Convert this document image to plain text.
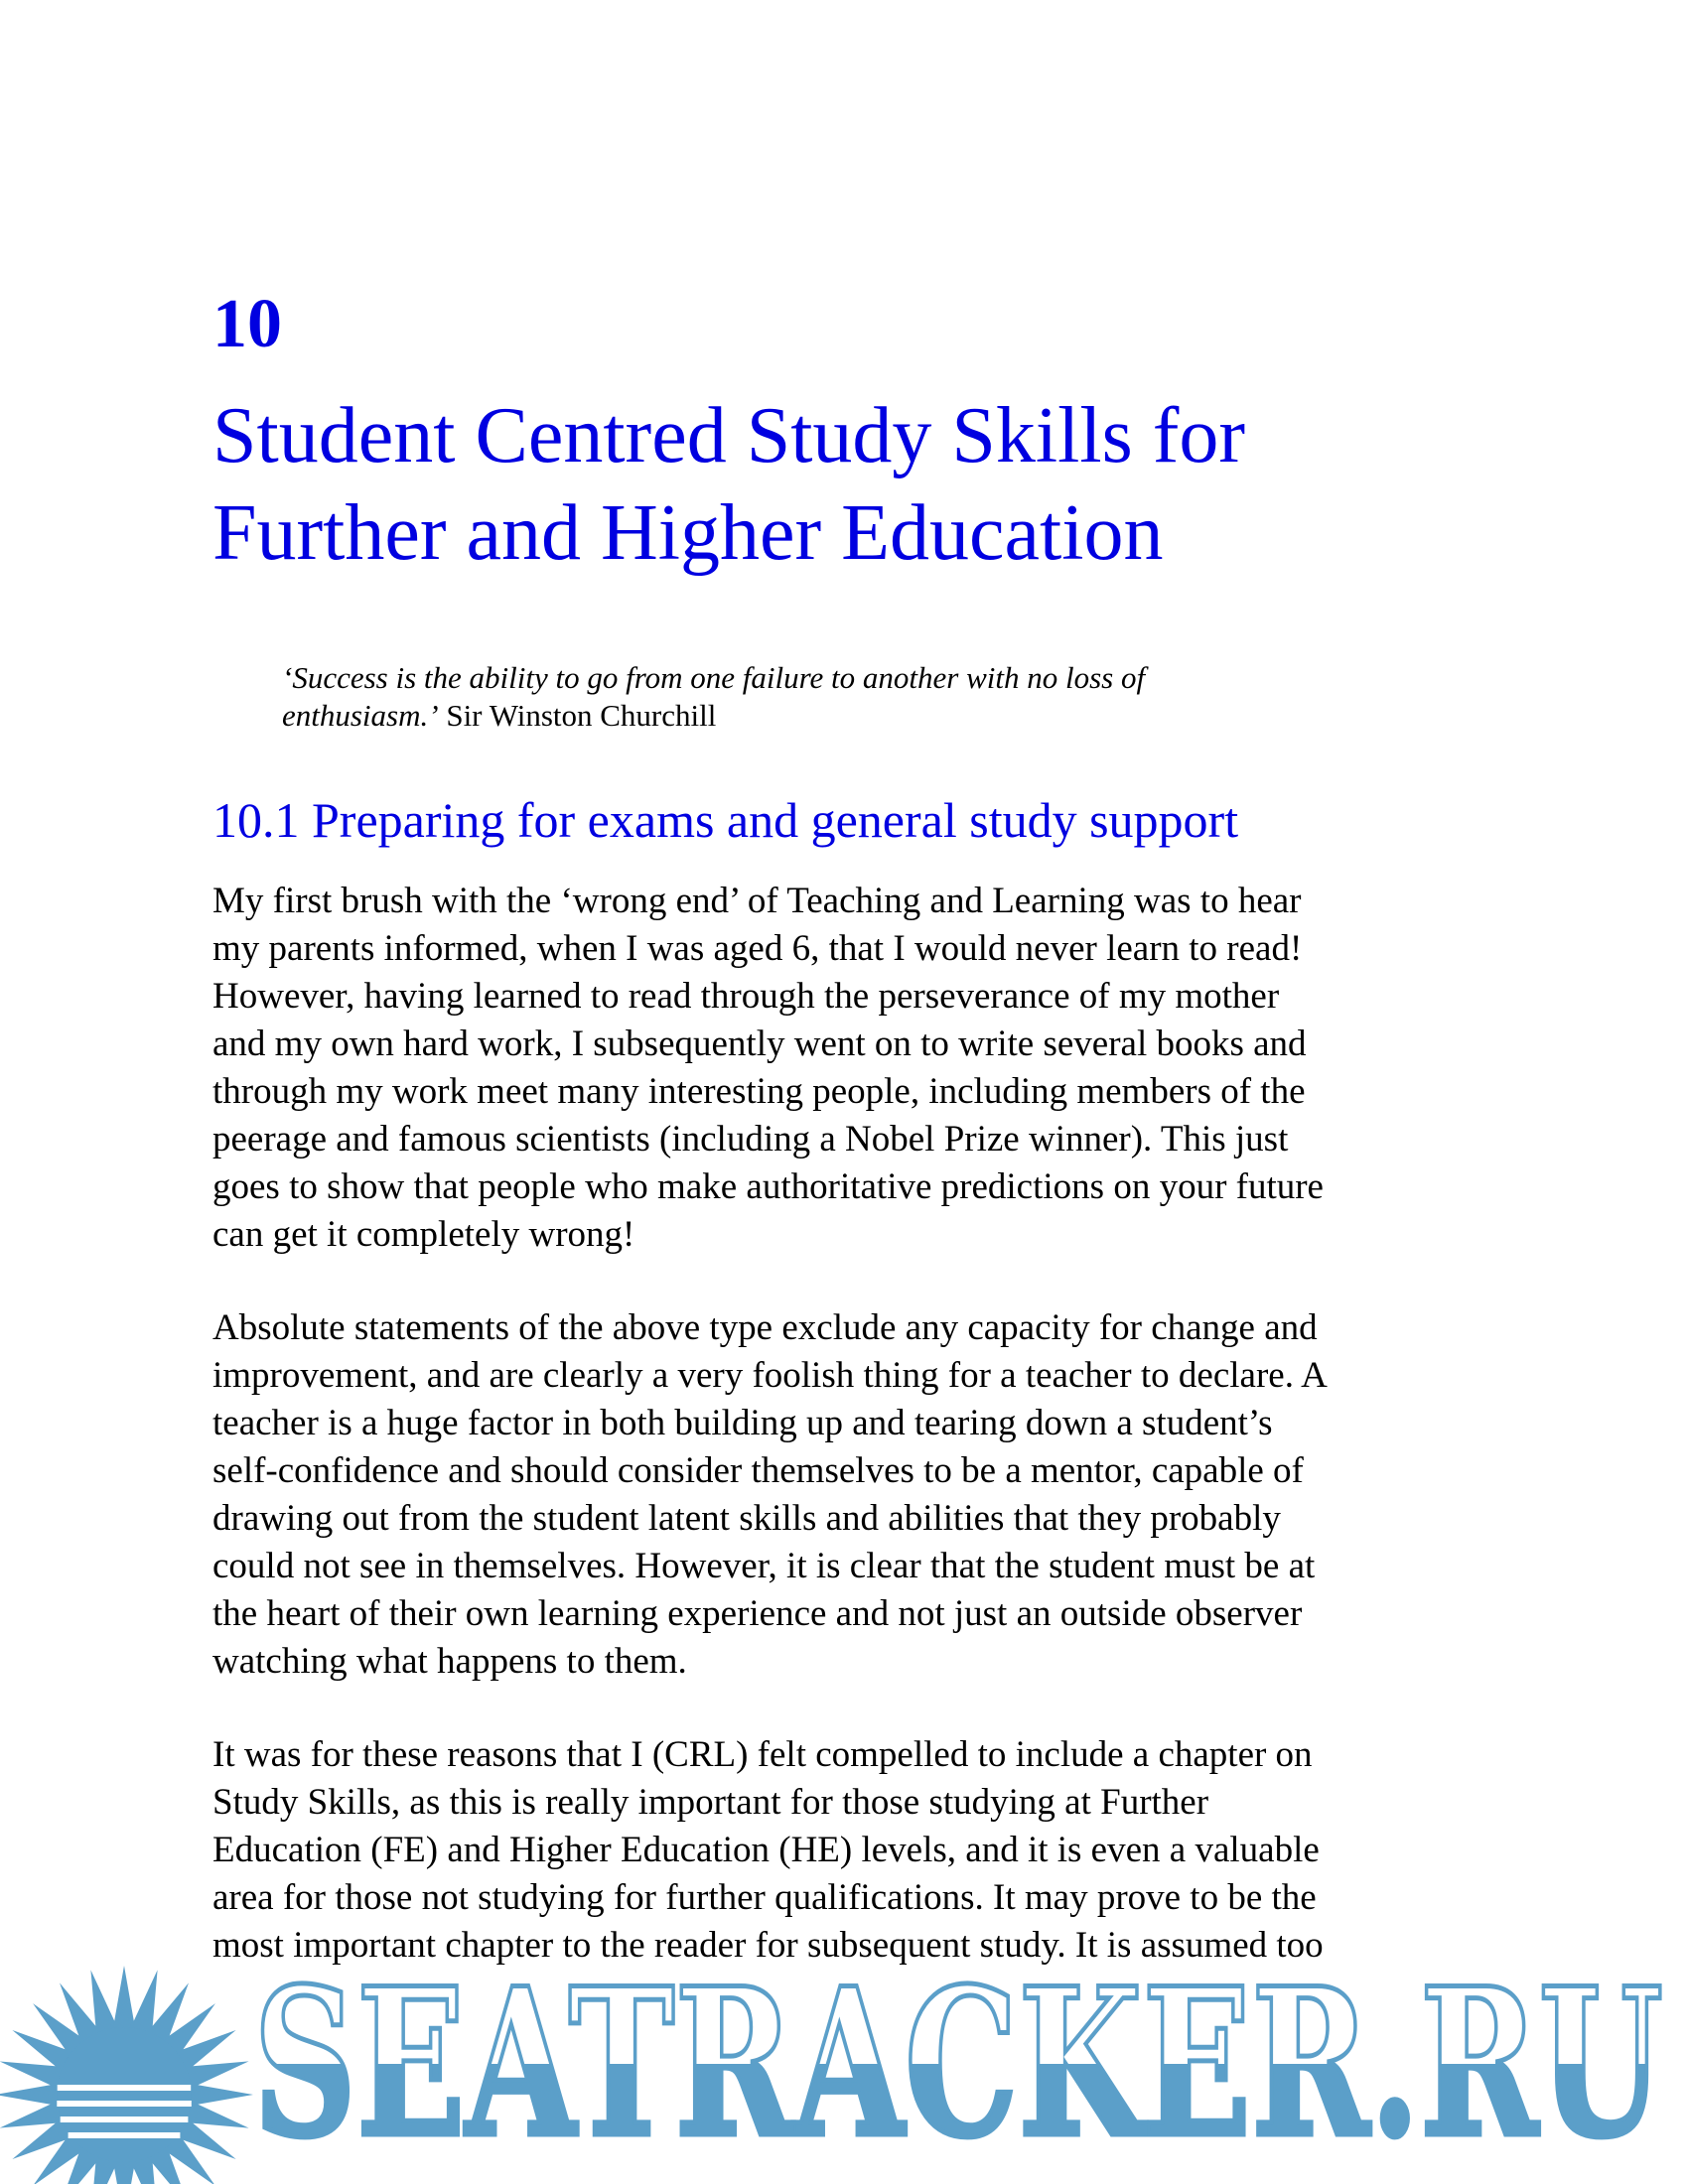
10
Student Centred Study Skills for
Further and Higher Education
‘Success is the ability to go from one failure to another with no loss of
enthusiasm.’ Sir Winston Churchill
10.1 Preparing for exams and general study support

My first brush with the ‘wrong end’ of Teaching and Learning was to hear
my parents informed, when I was aged 6, that I would never learn to read!
However, having learned to read through the perseverance of my mother
and my own hard work, I subsequently went on to write several books and
through my work meet many interesting people, including members of the
peerage and famous scientists (including a Nobel Prize winner). This just
goes to show that people who make authoritative predictions on your future
can get it completely wrong!

Absolute statements of the above type exclude any capacity for change and
improvement, and are clearly a very foolish thing for a teacher to declare. A
teacher is a huge factor in both building up and tearing down a student’s
self-confidence and should consider themselves to be a mentor, capable of
drawing out from the student latent skills and abilities that they probably
could not see in themselves. However, it is clear that the student must be at
the heart of their own learning experience and not just an outside observer
watching what happens to them.

It was for these reasons that I (CRL) felt compelled to include a chapter on
Study Skills, as this is really important for those studying at Further
Education (FE) and Higher Education (HE) levels, and it is even a valuable
area for those not studying for further qualifications. It may prove to be the
most important chapter to the reader for subsequent study. It is assumed too

SEATRACKER.RU
